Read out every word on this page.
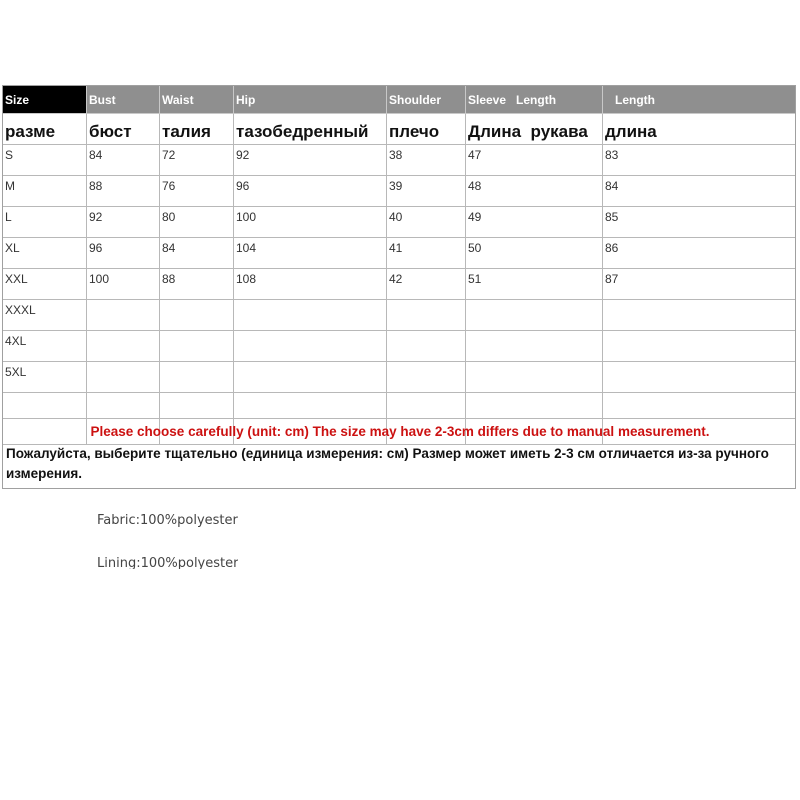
Size	Bust	Waist	Hip	Shoulder	Sleeve   Length	Length
разме	бюст	талия	тазобедренный	плечо	Длина  рукава	длина
S	84	72	92	38	47	83
M	88	76	96	39	48	84
L	92	80	100	40	49	85
XL	96	84	104	41	50	86
XXL	100	88	108	42	51	87
XXXL						
4XL						
5XL						

Please choose carefully (unit: cm) The size may have 2-3cm differs due to manual measurement.
Пожалуйста, выберите тщательно (единица измерения: см) Размер может иметь 2-3 см отличается из-за ручного измерения.
Fabric:100%polyester
Lining:100%polyester
